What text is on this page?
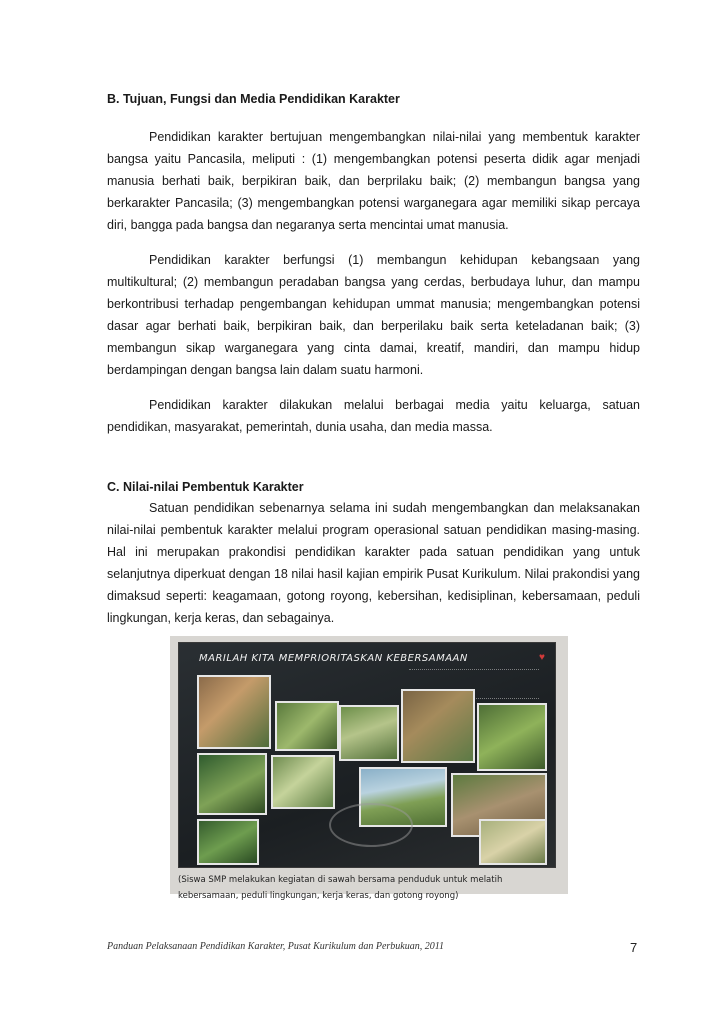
B. Tujuan, Fungsi dan Media Pendidikan Karakter

Pendidikan karakter bertujuan mengembangkan nilai-nilai yang membentuk karakter bangsa yaitu Pancasila, meliputi : (1) mengembangkan potensi peserta didik agar menjadi manusia berhati baik, berpikiran baik, dan berprilaku baik; (2) membangun bangsa yang berkarakter Pancasila; (3) mengembangkan potensi warganegara agar memiliki sikap percaya diri, bangga pada bangsa dan negaranya serta mencintai umat manusia.

Pendidikan karakter berfungsi (1) membangun kehidupan kebangsaan yang multikultural; (2) membangun peradaban bangsa yang cerdas, berbudaya luhur, dan mampu berkontribusi terhadap pengembangan kehidupan ummat manusia; mengembangkan potensi dasar agar berhati baik, berpikiran baik, dan berperilaku baik serta keteladanan baik; (3) membangun sikap warganegara yang cinta damai, kreatif, mandiri, dan mampu hidup berdampingan dengan bangsa lain dalam suatu harmoni.

Pendidikan karakter dilakukan melalui berbagai media yaitu keluarga, satuan pendidikan, masyarakat, pemerintah, dunia usaha, dan media massa.

C. Nilai-nilai Pembentuk Karakter

Satuan pendidikan sebenarnya selama ini sudah mengembangkan dan melaksanakan nilai-nilai pembentuk karakter melalui program operasional satuan pendidikan masing-masing. Hal ini merupakan prakondisi pendidikan karakter pada satuan pendidikan yang untuk selanjutnya diperkuat dengan 18 nilai hasil kajian empirik Pusat Kurikulum. Nilai prakondisi yang dimaksud seperti: keagamaan, gotong royong, kebersihan, kedisiplinan, kebersamaan, peduli lingkungan, kerja keras, dan sebagainya.

MARILAH KITA MEMPRIORITASKAN KEBERSAMAAN	♥

(Siswa SMP melakukan kegiatan di sawah bersama penduduk untuk melatih
kebersamaan, peduli lingkungan, kerja keras, dan gotong royong)

Panduan Pelaksanaan Pendidikan Karakter, Pusat Kurikulum dan Perbukuan, 2011	7
